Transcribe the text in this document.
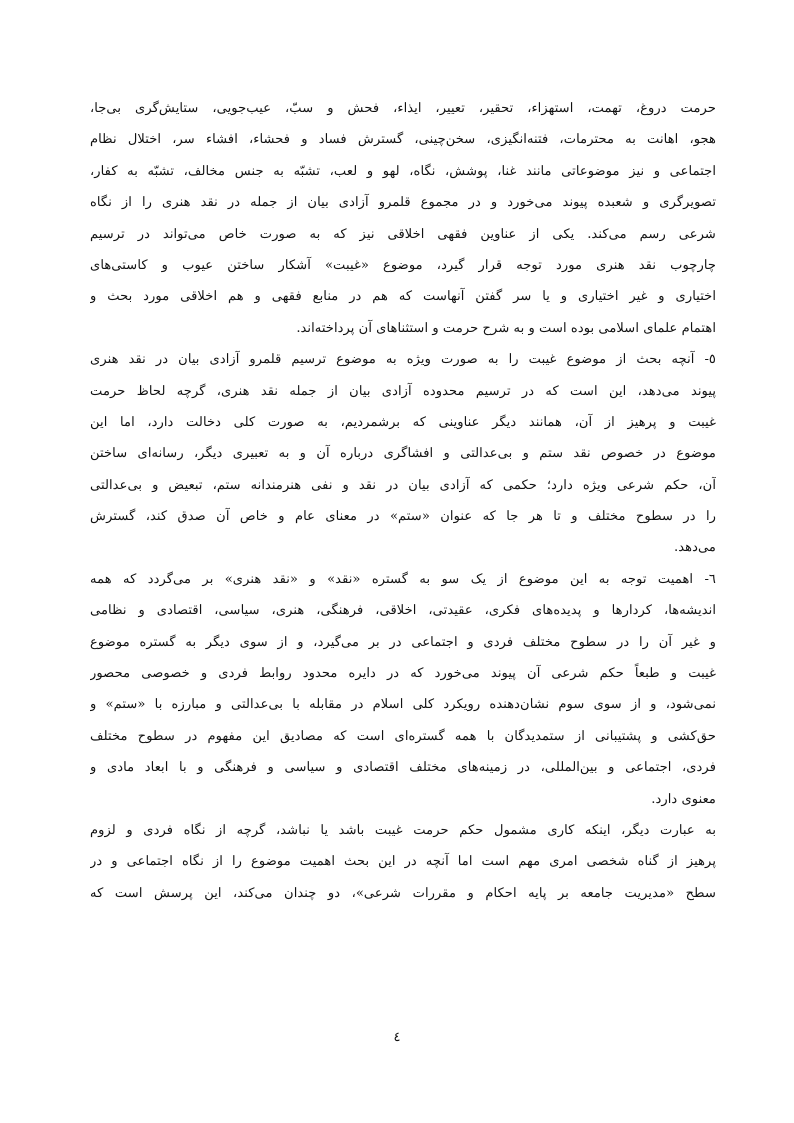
حرمت دروغ، تهمت، استهزاء، تحقیر، تعییر، ایذاء، فحش و سبّ، عیب‌جویی، ستایش‌گری بی‌جا،
هجو، اهانت به محترمات، فتنه‌انگیزی، سخن‌چینی، گسترش فساد و فحشاء، افشاء سر، اختلال نظام
اجتماعی و نیز موضوعاتی مانند غنا، پوشش، نگاه، لهو و لعب، تشبّه به جنس مخالف، تشبّه به کفار،
تصویرگری و شعبده پیوند می‌خورد و در مجموع قلمرو آزادی بیان از جمله در نقد هنری را از نگاه
شرعی رسم می‌کند. یکی از عناوین فقهی اخلاقی نیز که به صورت خاص می‌تواند در ترسیم
چارچوب نقد هنری مورد توجه قرار گیرد، موضوع «غیبت» آشکار ساختن عیوب و کاستی‌های
اختیاری و غیر اختیاری و یا سر گفتن آنهاست که هم در منابع فقهی و هم اخلاقی مورد بحث و
اهتمام علمای اسلامی بوده است و به شرح حرمت و استثناهای آن پرداخته‌اند.
٥- آنچه بحث از موضوع غیبت را به صورت ویژه به موضوع ترسیم قلمرو آزادی بیان در نقد هنری
پیوند می‌دهد، این است که در ترسیم محدوده آزادی بیان از جمله نقد هنری، گرچه لحاظ حرمت
غیبت و پرهیز از آن، همانند دیگر عناوینی که برشمردیم، به صورت کلی دخالت دارد، اما این
موضوع در خصوص نقد ستم و بی‌عدالتی و افشاگری درباره آن و به تعبیری دیگر، رسانه‌ای ساختن
آن، حکم شرعی ویژه دارد؛ حکمی که آزادی بیان در نقد و نفی هنرمندانه ستم، تبعیض و بی‌عدالتی
را در سطوح مختلف و تا هر جا که عنوان «ستم» در معنای عام و خاص آن صدق کند، گسترش
می‌دهد.
٦- اهمیت توجه به این موضوع از یک سو به گستره «نقد» و «نقد هنری» بر می‌گردد که همه
اندیشه‌ها، کردارها و پدیده‌های فکری، عقیدتی، اخلاقی، فرهنگی، هنری، سیاسی، اقتصادی و نظامی
و غیر آن را در سطوح مختلف فردی و اجتماعی در بر می‌گیرد، و از سوی دیگر به گستره موضوع
غیبت و طبعاً حکم شرعی آن پیوند می‌خورد که در دایره محدود روابط فردی و خصوصی محصور
نمی‌شود، و از سوی سوم نشان‌دهنده رویکرد کلی اسلام در مقابله با بی‌عدالتی و مبارزه با «ستم» و
حق‌کشی و پشتیبانی از ستمدیدگان با همه گستره‌ای است که مصادیق این مفهوم در سطوح مختلف
فردی، اجتماعی و بین‌المللی، در زمینه‌های مختلف اقتصادی و سیاسی و فرهنگی و با ابعاد مادی و
معنوی دارد.
به عبارت دیگر، اینکه کاری مشمول حکم حرمت غیبت باشد یا نباشد، گرچه از نگاه فردی و لزوم
پرهیز از گناه شخصی امری مهم است اما آنچه در این بحث اهمیت موضوع را از نگاه اجتماعی و در
سطح «مدیریت جامعه بر پایه احکام و مقررات شرعی»، دو چندان می‌کند، این پرسش است که
٤
